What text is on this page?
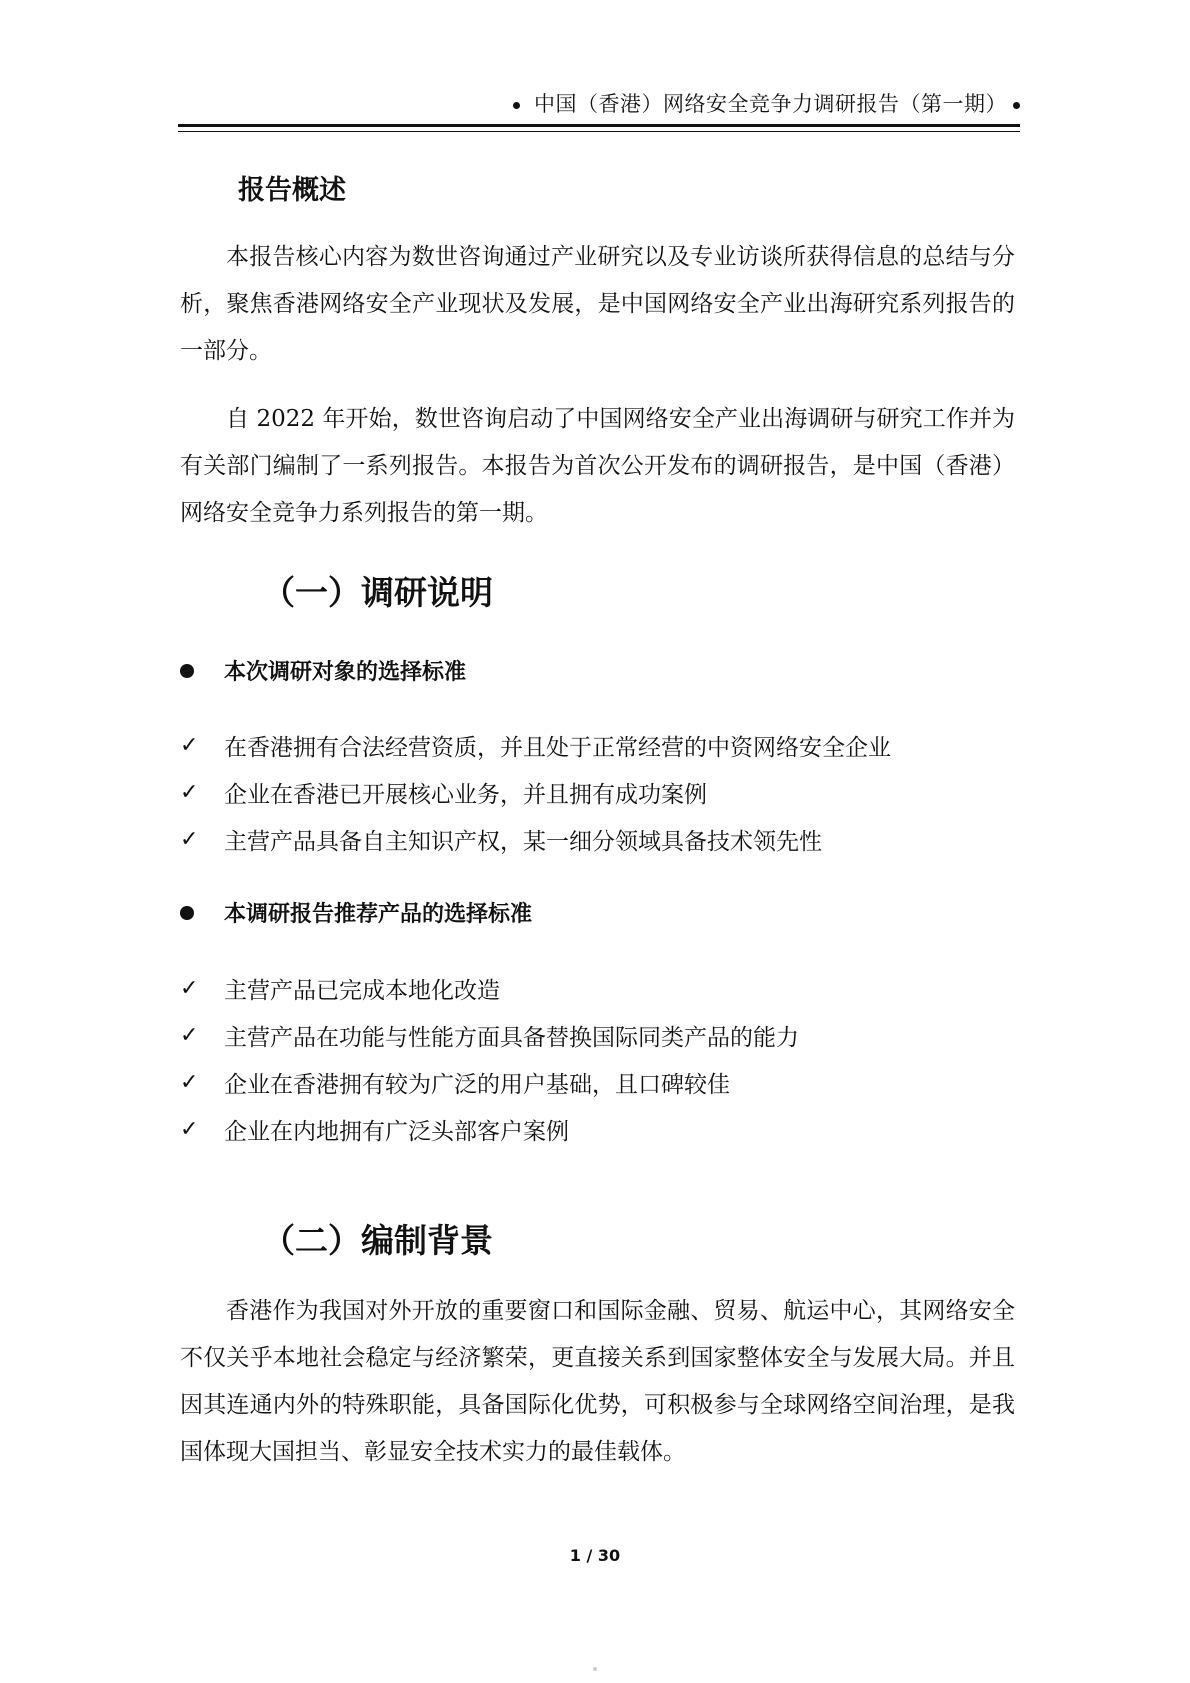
中国（香港）网络安全竞争力调研报告（第一期）
报告概述

本报告核心内容为数世咨询通过产业研究以及专业访谈所获得信息的总结与分析，聚焦香港网络安全产业现状及发展，是中国网络安全产业出海研究系列报告的一部分。

自 2022 年开始，数世咨询启动了中国网络安全产业出海调研与研究工作并为有关部门编制了一系列报告。本报告为首次公开发布的调研报告，是中国（香港）网络安全竞争力系列报告的第一期。

（一）调研说明
本次调研对象的选择标准
✓	在香港拥有合法经营资质，并且处于正常经营的中资网络安全企业
✓	企业在香港已开展核心业务，并且拥有成功案例
✓	主营产品具备自主知识产权，某一细分领域具备技术领先性
本调研报告推荐产品的选择标准
✓	主营产品已完成本地化改造
✓	主营产品在功能与性能方面具备替换国际同类产品的能力
✓	企业在香港拥有较为广泛的用户基础，且口碑较佳
✓	企业在内地拥有广泛头部客户案例
（二）编制背景

香港作为我国对外开放的重要窗口和国际金融、贸易、航运中心，其网络安全不仅关乎本地社会稳定与经济繁荣，更直接关系到国家整体安全与发展大局。并且因其连通内外的特殊职能，具备国际化优势，可积极参与全球网络空间治理，是我国体现大国担当、彰显安全技术实力的最佳载体。

1 / 30
